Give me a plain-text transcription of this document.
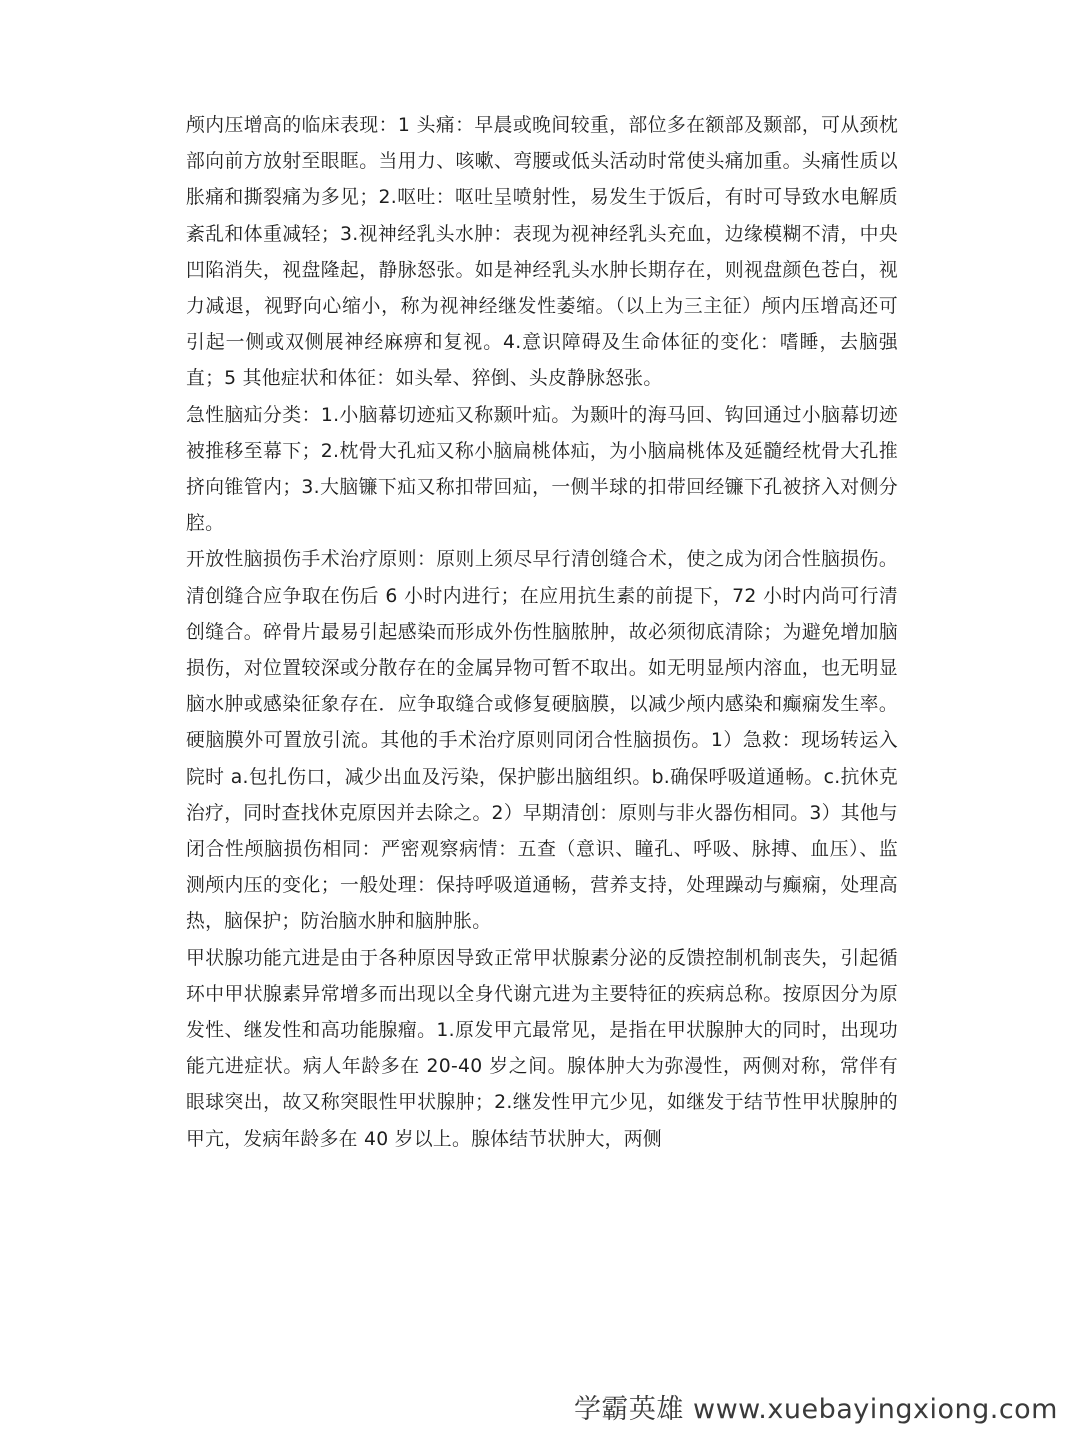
颅内压增高的临床表现：1 头痛：早晨或晚间较重，部位多在额部及颞部，可从颈枕部向前方放射至眼眶。当用力、咳嗽、弯腰或低头活动时常使头痛加重。头痛性质以胀痛和撕裂痛为多见；2.呕吐：呕吐呈喷射性，易发生于饭后，有时可导致水电解质紊乱和体重减轻；3.视神经乳头水肿：表现为视神经乳头充血，边缘模糊不清，中央凹陷消失，视盘隆起，静脉怒张。如是神经乳头水肿长期存在，则视盘颜色苍白，视力减退，视野向心缩小，称为视神经继发性萎缩。（以上为三主征）颅内压增高还可引起一侧或双侧展神经麻痹和复视。4.意识障碍及生命体征的变化：嗜睡，去脑强直；5 其他症状和体征：如头晕、猝倒、头皮静脉怒张。

急性脑疝分类：1.小脑幕切迹疝又称颞叶疝。为颞叶的海马回、钩回通过小脑幕切迹被推移至幕下；2.枕骨大孔疝又称小脑扁桃体疝，为小脑扁桃体及延髓经枕骨大孔推挤向锥管内；3.大脑镰下疝又称扣带回疝，一侧半球的扣带回经镰下孔被挤入对侧分腔。

开放性脑损伤手术治疗原则：原则上须尽早行清创缝合术，使之成为闭合性脑损伤。清创缝合应争取在伤后 6 小时内进行；在应用抗生素的前提下，72 小时内尚可行清创缝合。碎骨片最易引起感染而形成外伤性脑脓肿，故必须彻底清除；为避免增加脑损伤，对位置较深或分散存在的金属异物可暂不取出。如无明显颅内溶血，也无明显脑水肿或感染征象存在．应争取缝合或修复硬脑膜，以减少颅内感染和癫痫发生率。硬脑膜外可置放引流。其他的手术治疗原则同闭合性脑损伤。1）急救：现场转运入院时 a.包扎伤口，减少出血及污染，保护膨出脑组织。b.确保呼吸道通畅。c.抗休克治疗，同时查找休克原因并去除之。2）早期清创：原则与非火器伤相同。3）其他与闭合性颅脑损伤相同：严密观察病情：五查（意识、瞳孔、呼吸、脉搏、血压）、监测颅内压的变化；一般处理：保持呼吸道通畅，营养支持，处理躁动与癫痫，处理高热，脑保护；防治脑水肿和脑肿胀。

甲状腺功能亢进是由于各种原因导致正常甲状腺素分泌的反馈控制机制丧失，引起循环中甲状腺素异常增多而出现以全身代谢亢进为主要特征的疾病总称。按原因分为原发性、继发性和高功能腺瘤。1.原发甲亢最常见，是指在甲状腺肿大的同时，出现功能亢进症状。病人年龄多在 20-40 岁之间。腺体肿大为弥漫性，两侧对称，常伴有眼球突出，故又称突眼性甲状腺肿；2.继发性甲亢少见，如继发于结节性甲状腺肿的甲亢，发病年龄多在 40 岁以上。腺体结节状肿大，两侧

学霸英雄 www.xuebayingxiong.com
